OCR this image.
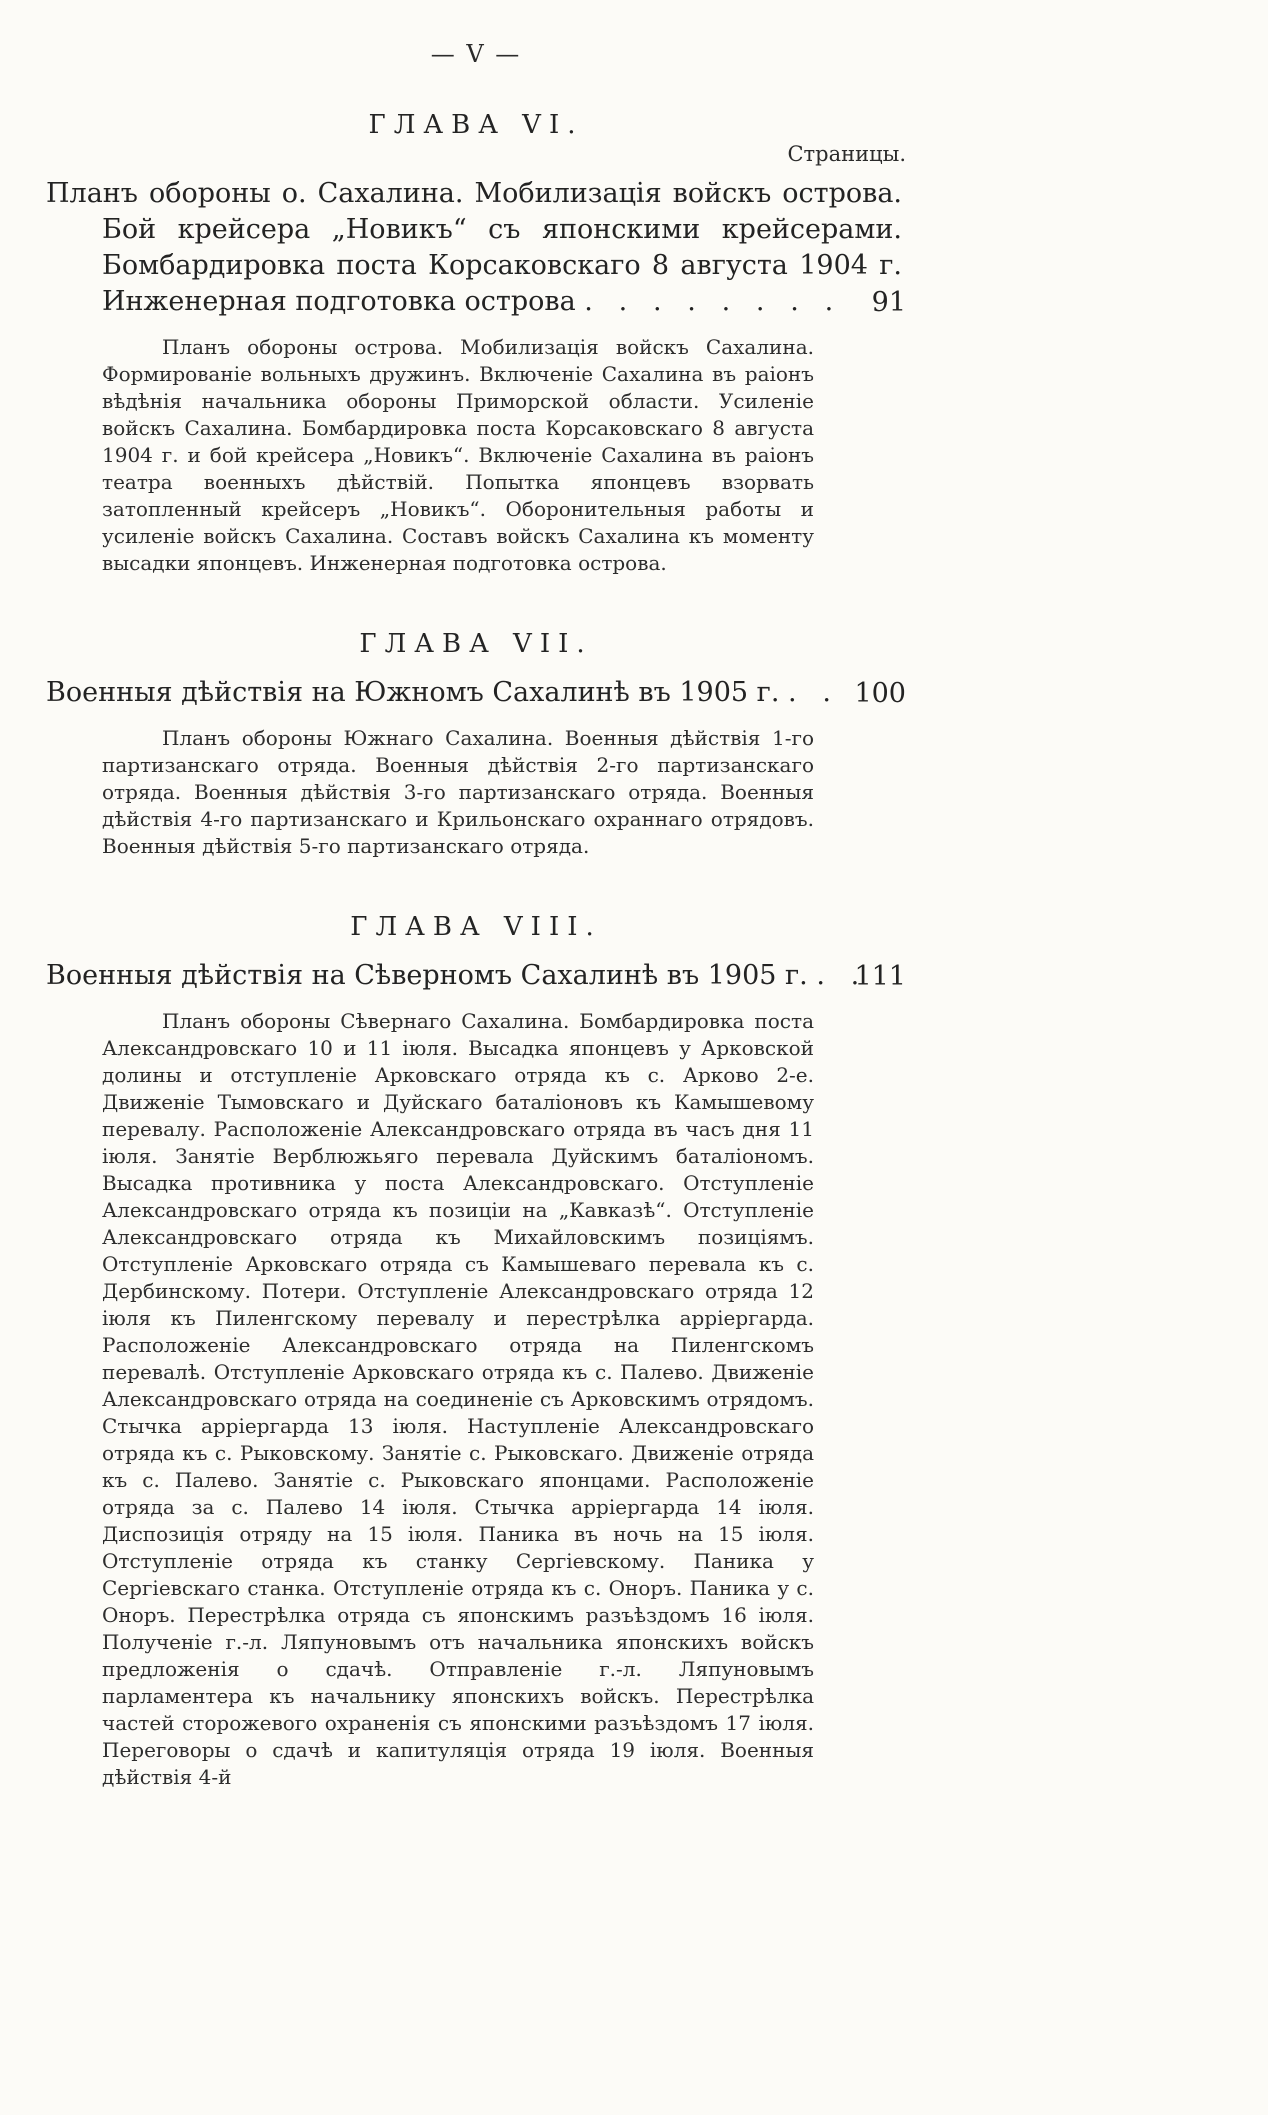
— V —
ГЛАВА VI.
Страницы.

Планъ обороны о. Сахалина. Мобилизація войскъ острова. Бой крейсера „Новикъ“ съ японскими крейсерами. Бомбардировка поста Корсаковскаго 8 августа 1904 г. Инженерная подготовка острова .   .   .   .   .   .   .   .	91

Планъ обороны острова. Мобилизація войскъ Сахалина. Формированіе вольныхъ дружинъ. Включеніе Сахалина въ раіонъ вѣдѣнія начальника обороны Приморской области. Усиленіе войскъ Сахалина. Бомбардировка поста Корсаковскаго 8 августа 1904 г. и бой крейсера „Новикъ“. Включеніе Сахалина въ раіонъ театра военныхъ дѣйствій. Попытка японцевъ взорвать затопленный крейсеръ „Новикъ“. Оборонительныя работы и усиленіе войскъ Сахалина. Составъ войскъ Сахалина къ моменту высадки японцевъ. Инженерная подготовка острова.

ГЛАВА VII.

Военныя дѣйствія на Южномъ Сахалинѣ въ 1905 г. .   . 100

Планъ обороны Южнаго Сахалина. Военныя дѣйствія 1-го партизанскаго отряда. Военныя дѣйствія 2-го партизанскаго отряда. Военныя дѣйствія 3-го партизанскаго отряда. Военныя дѣйствія 4-го партизанскаго и Крильонскаго охраннаго отрядовъ. Военныя дѣйствія 5-го партизанскаго отряда.

ГЛАВА VIII.

Военныя дѣйствія на Сѣверномъ Сахалинѣ въ 1905 г. .   .

111

Планъ обороны Сѣвернаго Сахалина. Бомбардировка поста Александровскаго 10 и 11 іюля. Высадка японцевъ у Арковской долины и отступленіе Арковскаго отряда къ с. Арково 2-е. Движеніе Тымовскаго и Дуйскаго баталіоновъ къ Камышевому перевалу. Расположеніе Александровскаго отряда въ часъ дня 11 іюля. Занятіе Верблюжьяго перевала Дуйскимъ баталіономъ. Высадка противника у поста Александровскаго. Отступленіе Александровскаго отряда къ позиціи на „Кавказѣ“. Отступленіе Александровскаго отряда къ Михайловскимъ позиціямъ. Отступленіе Арковскаго отряда съ Камышеваго перевала къ с. Дербинскому. Потери. Отступленіе Александровскаго отряда 12 іюля къ Пиленгскому перевалу и перестрѣлка арріергарда. Расположеніе Александровскаго отряда на Пиленгскомъ перевалѣ. Отступленіе Арковскаго отряда къ с. Палево. Движеніе Александровскаго отряда на соединеніе съ Арковскимъ отрядомъ. Стычка арріергарда 13 іюля. Наступленіе Александровскаго отряда къ с. Рыковскому. Занятіе с. Рыковскаго. Движеніе отряда къ с. Палево. Занятіе с. Рыковскаго японцами. Расположеніе отряда за с. Палево 14 іюля. Стычка арріергарда 14 іюля. Диспозиція отряду на 15 іюля. Паника въ ночь на 15 іюля. Отступленіе отряда къ станку Сергіевскому. Паника у Сергіевскаго станка. Отступленіе отряда къ с. Оноръ. Паника у с. Оноръ. Перестрѣлка отряда съ японскимъ разъѣздомъ 16 іюля. Полученіе г.-л. Ляпуновымъ отъ начальника японскихъ войскъ предложенія о сдачѣ. Отправленіе г.-л. Ляпуновымъ парламентера къ начальнику японскихъ войскъ. Перестрѣлка частей сторожевого охраненія съ японскими разъѣздомъ 17 іюля. Переговоры о сдачѣ и капитуляція отряда 19 іюля. Военныя дѣйствія 4-й
